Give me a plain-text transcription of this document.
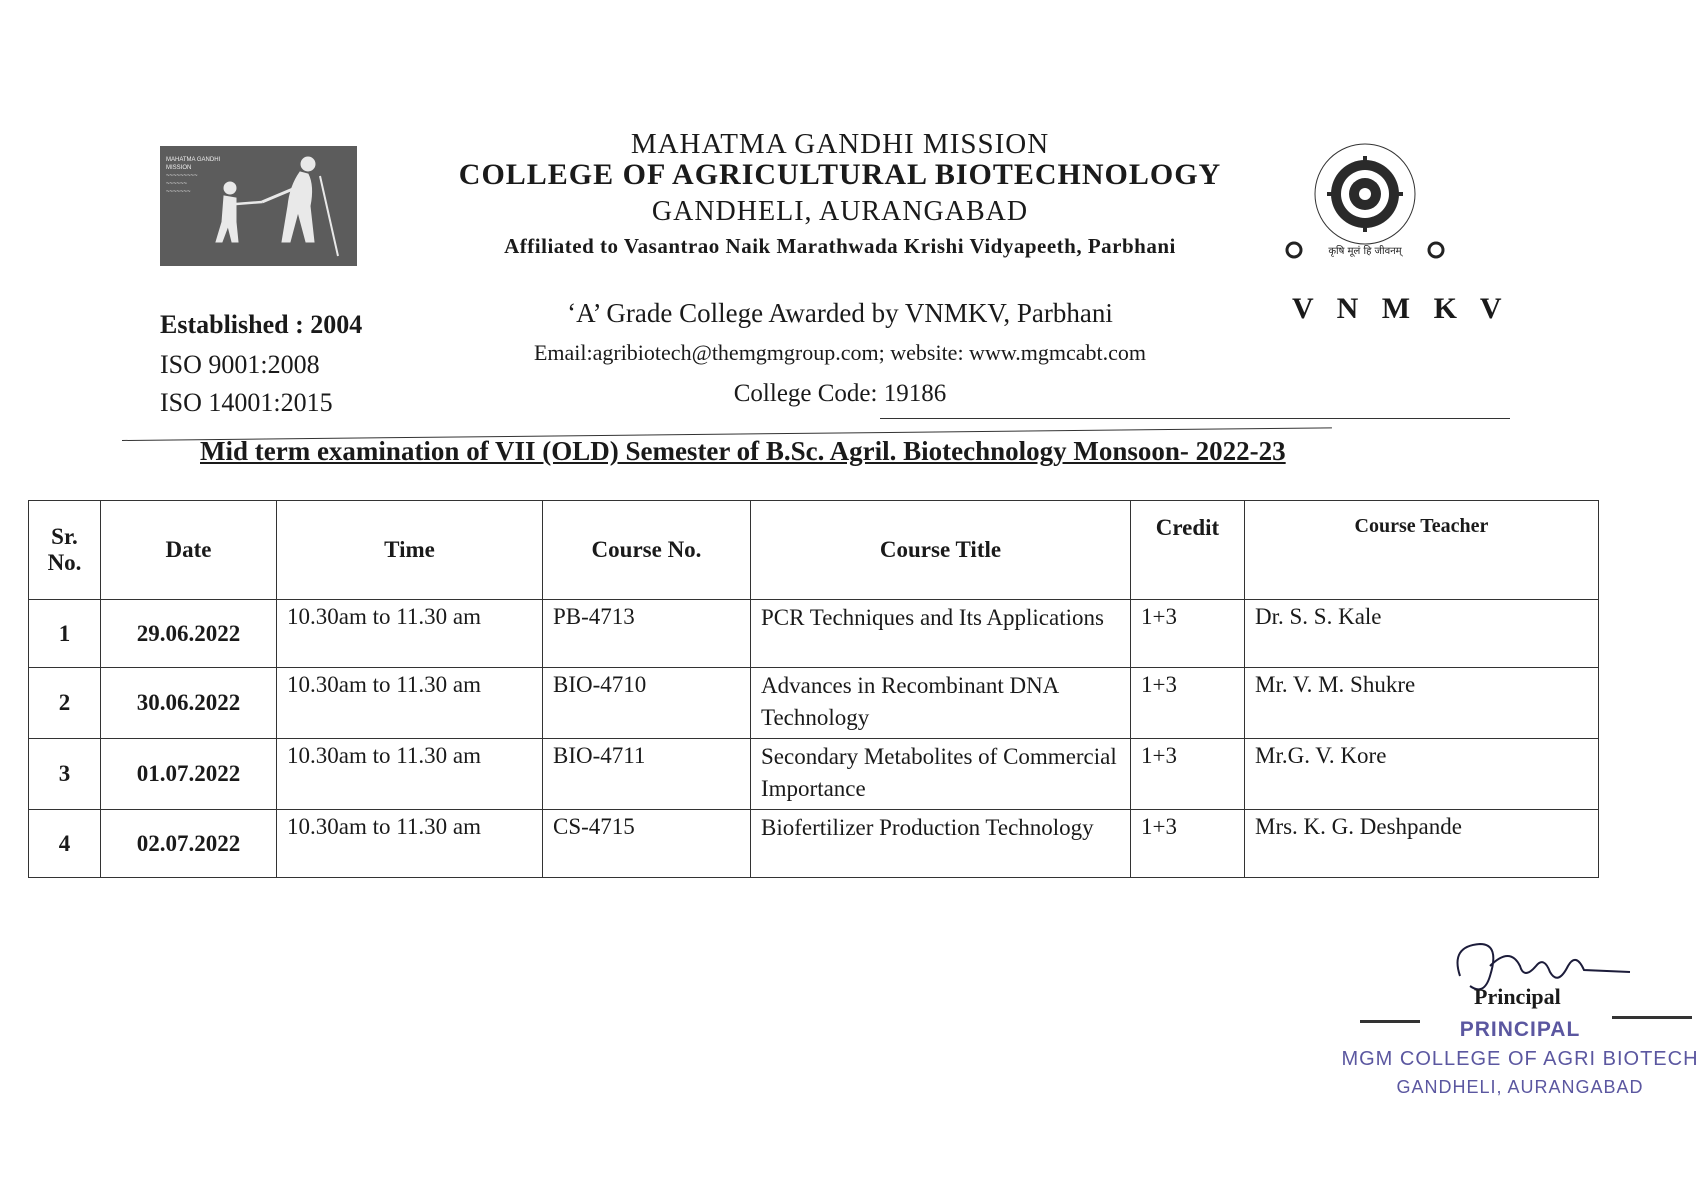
MAHATMA GANDHI MISSION
~~~~~~~~~
~~~~~~
~~~~~~~
MAHATMA GANDHI MISSION
COLLEGE OF AGRICULTURAL BIOTECHNOLOGY
GANDHELI, AURANGABAD
Affiliated to Vasantrao Naik Marathwada Krishi Vidyapeeth, Parbhani
‘A’ Grade College Awarded by VNMKV, Parbhani
Email:agribiotech@themgmgroup.com; website: www.mgmcabt.com
College Code: 19186
Established : 2004
ISO 9001:2008
ISO 14001:2015
कृषि मूलं हि जीवनम्
V N M K V
Mid term examination of VII (OLD) Semester of B.Sc. Agril. Biotechnology Monsoon- 2022-23
Sr. No.	Date	Time	Course No.	Course Title	Credit	Course Teacher
1	29.06.2022	10.30am to 11.30 am	PB-4713	PCR Techniques and Its Applications	1+3	Dr. S. S. Kale
2	30.06.2022	10.30am to 11.30 am	BIO-4710	Advances in Recombinant DNA Technology	1+3	Mr. V. M. Shukre
3	01.07.2022	10.30am to 11.30 am	BIO-4711	Secondary Metabolites of Commercial Importance	1+3	Mr.G. V. Kore
4	02.07.2022	10.30am to 11.30 am	CS-4715	Biofertilizer Production Technology	1+3	Mrs. K. G. Deshpande
Principal
PRINCIPAL
MGM COLLEGE OF AGRI BIOTECH
GANDHELI, AURANGABAD
